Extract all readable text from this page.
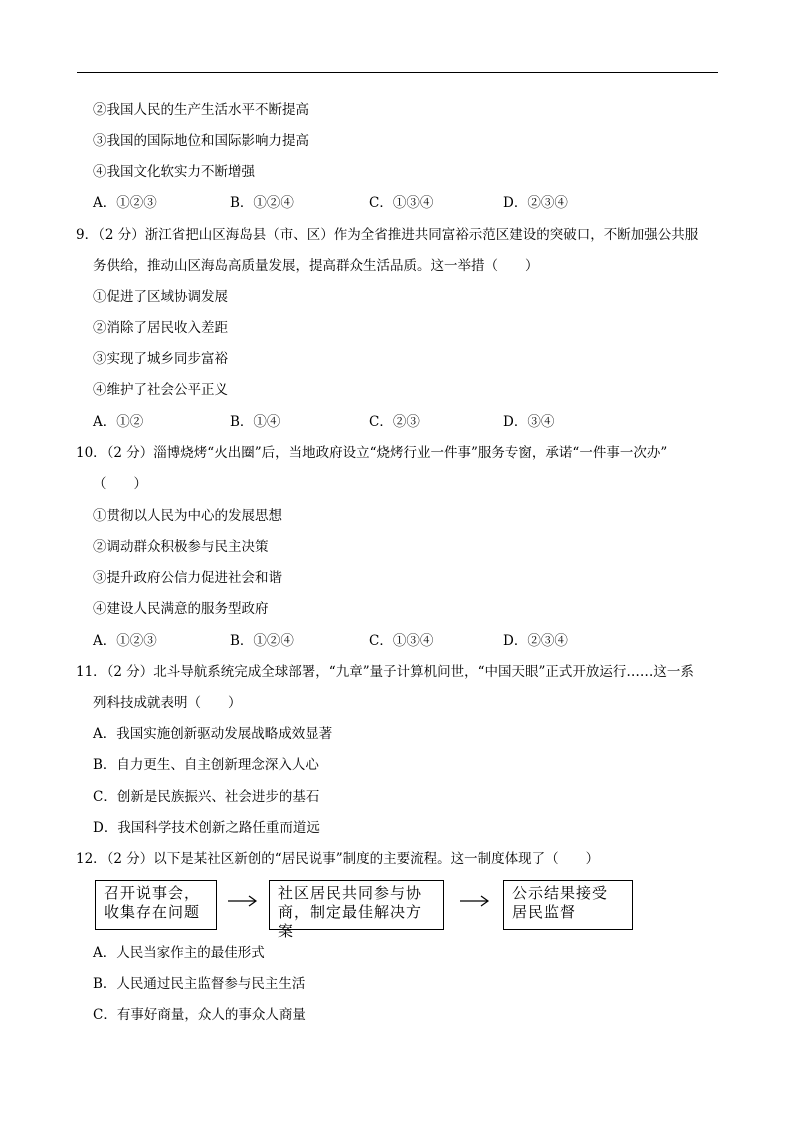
②我国人民的生产生活水平不断提高
③我国的国际地位和国际影响力提高
④我国文化软实力不断增强
A．①②③	B．①②④	C．①③④	D．②③④
9．（2 分）浙江省把山区海岛县（市、区）作为全省推进共同富裕示范区建设的突破口，不断加强公共服
务供给，推动山区海岛高质量发展，提高群众生活品质。这一举措（　　）
①促进了区域协调发展
②消除了居民收入差距
③实现了城乡同步富裕
④维护了社会公平正义
A．①②	B．①④	C．②③	D．③④
10．（2 分）淄博烧烤“火出圈”后，当地政府设立“烧烤行业一件事”服务专窗，承诺“一件事一次办”
（　　）
①贯彻以人民为中心的发展思想
②调动群众积极参与民主决策
③提升政府公信力促进社会和谐
④建设人民满意的服务型政府
A．①②③	B．①②④	C．①③④	D．②③④
11．（2 分）北斗导航系统完成全球部署，“九章”量子计算机问世，“中国天眼”正式开放运行……这一系
列科技成就表明（　　）
A．我国实施创新驱动发展战略成效显著
B．自力更生、自主创新理念深入人心
C．创新是民族振兴、社会进步的基石
D．我国科学技术创新之路任重而道远
12．（2 分）以下是某社区新创的“居民说事”制度的主要流程。这一制度体现了（　　）
召开说事会，
收集存在问题
社区居民共同参与协
商，制定最佳解决方案
公示结果接受
居民监督
A．人民当家作主的最佳形式
B．人民通过民主监督参与民主生活
C．有事好商量，众人的事众人商量
